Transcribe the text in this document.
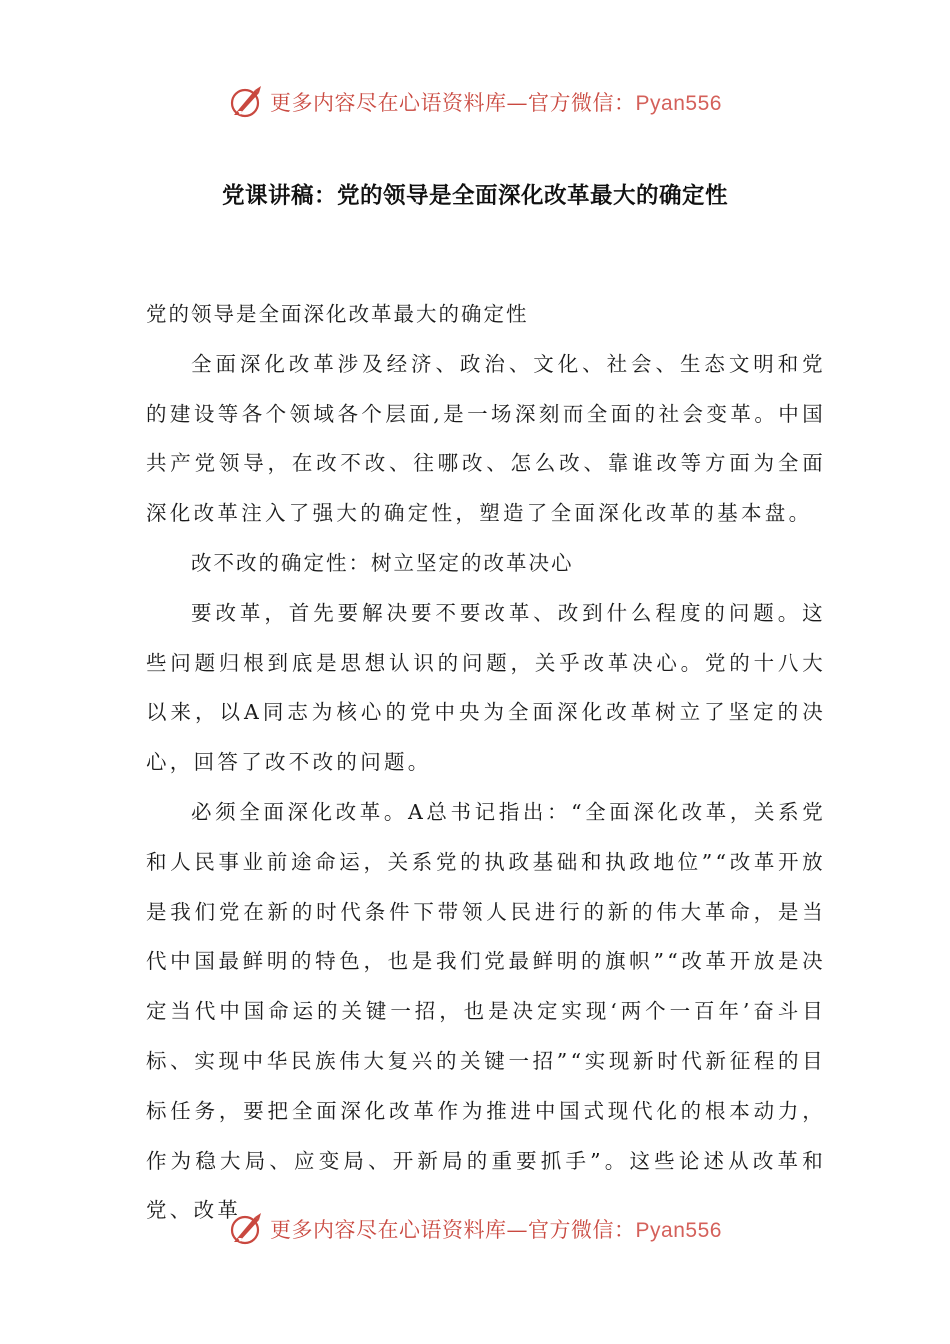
更多内容尽在心语资料库—官方微信：Pyan556
党课讲稿：党的领导是全面深化改革最大的确定性

党的领导是全面深化改革最大的确定性

全面深化改革涉及经济、政治、文化、社会、生态文明和党的建设等各个领域各个层面,是一场深刻而全面的社会变革。中国共产党领导，在改不改、往哪改、怎么改、靠谁改等方面为全面深化改革注入了强大的确定性，塑造了全面深化改革的基本盘。

改不改的确定性：树立坚定的改革决心

要改革，首先要解决要不要改革、改到什么程度的问题。这些问题归根到底是思想认识的问题，关乎改革决心。党的十八大以来，以A同志为核心的党中央为全面深化改革树立了坚定的决心，回答了改不改的问题。

必须全面深化改革。A总书记指出：“全面深化改革，关系党和人民事业前途命运，关系党的执政基础和执政地位”“改革开放是我们党在新的时代条件下带领人民进行的新的伟大革命，是当代中国最鲜明的特色，也是我们党最鲜明的旗帜”“改革开放是决定当代中国命运的关键一招，也是决定实现‘两个一百年’奋斗目标、实现中华民族伟大复兴的关键一招”“实现新时代新征程的目标任务，要把全面深化改革作为推进中国式现代化的根本动力，作为稳大局、应变局、开新局的重要抓手”。这些论述从改革和党、改革

更多内容尽在心语资料库—官方微信：Pyan556
